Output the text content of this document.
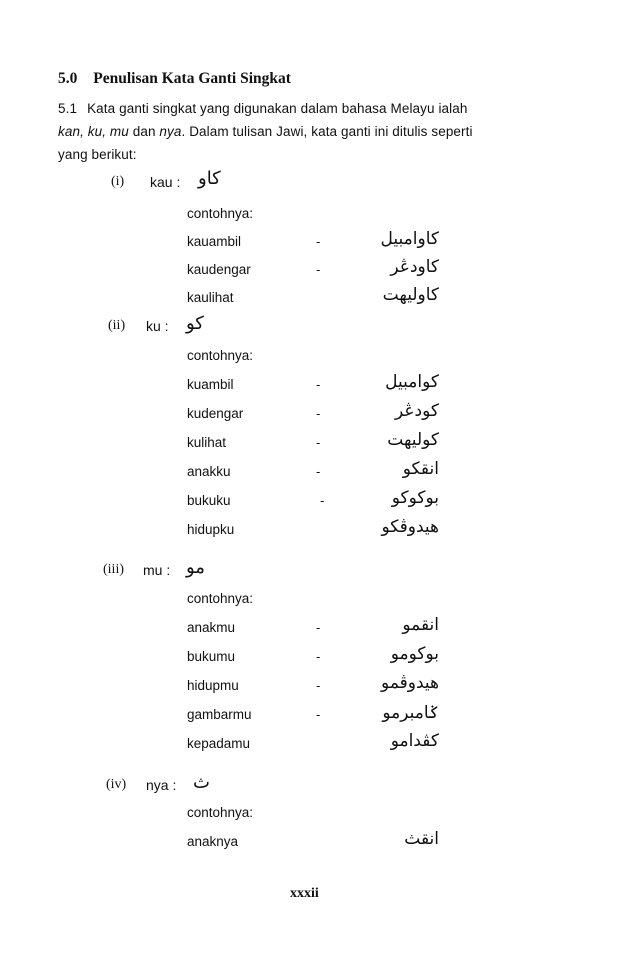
5.0 Penulisan Kata Ganti Singkat
5.1 Kata ganti singkat yang digunakan dalam bahasa Melayu ialah
kan, ku, mu dan nya. Dalam tulisan Jawi, kata ganti ini ditulis seperti
yang berikut:
(i) kau : كاو
contohnya:
kauambil	-	كاوامبيل
kaudengar	-	كاودڠر
kaulihat	كاوليهت
(ii) ku : کو
contohnya:
kuambil	-	کوامبيل
kudengar	-	کودڠر
kulihat	-	کوليهت
anakku	-	انقکو
bukuku	-	بوکوکو
hidupku	هيدوڤکو
(iii) mu : مو
contohnya:
anakmu	-	انقمو
bukumu	-	بوکومو
hidupmu	-	هيدوڤمو
gambarmu	-	ݢامبرمو
kepadamu	کڤدامو
(iv) nya : ث
contohnya:
anaknya	انقث
xxxii
